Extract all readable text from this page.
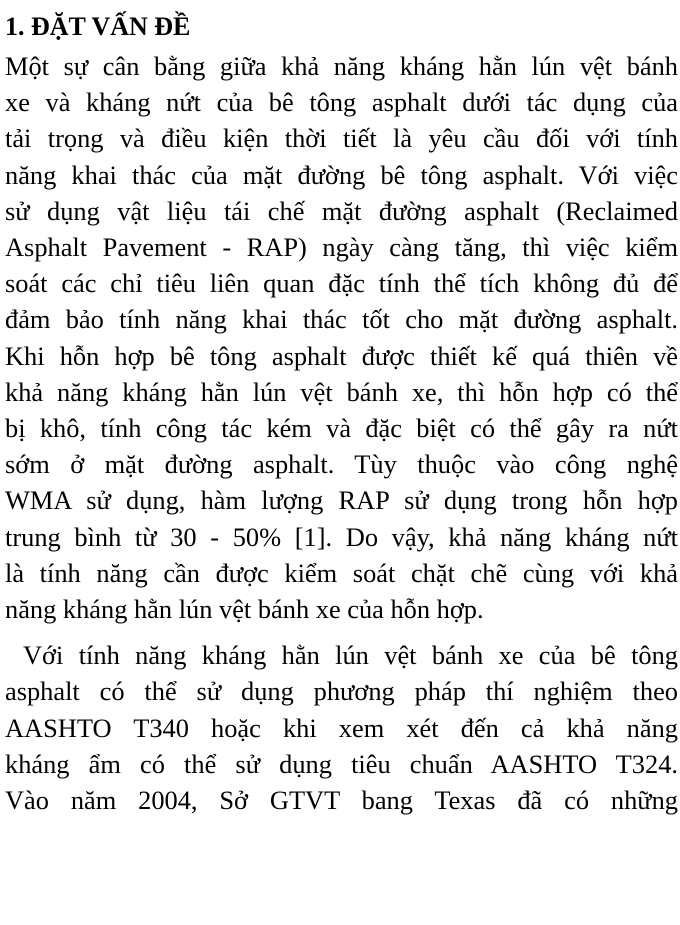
1. ĐẶT VẤN ĐỀ
Một sự cân bằng giữa khả năng kháng hằn lún vệt bánh
xe và kháng nứt của bê tông asphalt dưới tác dụng của
tải trọng và điều kiện thời tiết là yêu cầu đối với tính
năng khai thác của mặt đường bê tông asphalt. Với việc
sử dụng vật liệu tái chế mặt đường asphalt (Reclaimed
Asphalt Pavement - RAP) ngày càng tăng, thì việc kiểm
soát các chỉ tiêu liên quan đặc tính thể tích không đủ để
đảm bảo tính năng khai thác tốt cho mặt đường asphalt.
Khi hỗn hợp bê tông asphalt được thiết kế quá thiên về
khả năng kháng hằn lún vệt bánh xe, thì hỗn hợp có thể
bị khô, tính công tác kém và đặc biệt có thể gây ra nứt
sớm ở mặt đường asphalt. Tùy thuộc vào công nghệ
WMA sử dụng, hàm lượng RAP sử dụng trong hỗn hợp
trung bình từ 30 - 50% [1]. Do vậy, khả năng kháng nứt
là tính năng cần được kiểm soát chặt chẽ cùng với khả
năng kháng hằn lún vệt bánh xe của hỗn hợp.
Với tính năng kháng hằn lún vệt bánh xe của bê tông
asphalt có thể sử dụng phương pháp thí nghiệm theo
AASHTO T340 hoặc khi xem xét đến cả khả năng
kháng ẩm có thể sử dụng tiêu chuẩn AASHTO T324.
Vào năm 2004, Sở GTVT bang Texas đã có những
